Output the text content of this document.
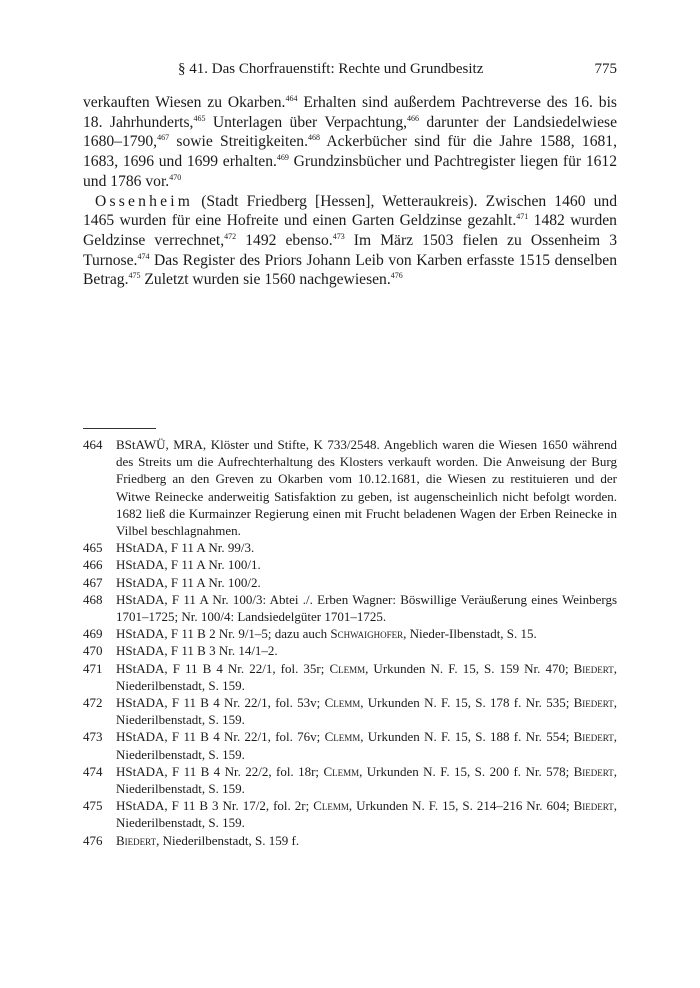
§ 41. Das Chorfrauenstift: Rechte und Grundbesitz	775

verkauften Wiesen zu Okarben.$^{464}$ Erhalten sind außerdem Pachtreverse des 16. bis 18. Jahrhunderts,$^{465}$ Unterlagen über Verpachtung,$^{466}$ darunter der Landsiedelwiese 1680–1790,$^{467}$ sowie Streitigkeiten.$^{468}$ Ackerbücher sind für die Jahre 1588, 1681, 1683, 1696 und 1699 erhalten.$^{469}$ Grundzinsbücher und Pachtregister liegen für 1612 und 1786 vor.$^{470}$

Ossenheim (Stadt Friedberg [Hessen], Wetteraukreis). Zwischen 1460 und 1465 wurden für eine Hofreite und einen Garten Geldzinse gezahlt.$^{471}$ 1482 wurden Geldzinse verrechnet,$^{472}$ 1492 ebenso.$^{473}$ Im März 1503 fielen zu Ossenheim 3 Turnose.$^{474}$ Das Register des Priors Johann Leib von Karben erfasste 1515 denselben Betrag.$^{475}$ Zuletzt wurden sie 1560 nachgewiesen.$^{476}$

464 BStAWÜ, MRA, Klöster und Stifte, K 733/2548. Angeblich waren die Wiesen 1650 während des Streits um die Aufrechterhaltung des Klosters verkauft worden. Die Anweisung der Burg Friedberg an den Greven zu Okarben vom 10.12.1681, die Wiesen zu restituieren und der Witwe Reinecke anderweitig Satisfaktion zu geben, ist augenscheinlich nicht befolgt worden. 1682 ließ die Kurmainzer Regierung einen mit Frucht beladenen Wagen der Erben Reinecke in Vilbel beschlagnahmen.

465 HStADA, F 11 A Nr. 99/3.

466 HStADA, F 11 A Nr. 100/1.

467 HStADA, F 11 A Nr. 100/2.

468 HStADA, F 11 A Nr. 100/3: Abtei ./. Erben Wagner: Böswillige Veräußerung eines Weinbergs 1701–1725; Nr. 100/4: Landsiedelgüter 1701–1725.

469 HStADA, F 11 B 2 Nr. 9/1–5; dazu auch Schwaighofer, Nieder-Ilbenstadt, S. 15.

470 HStADA, F 11 B 3 Nr. 14/1–2.

471 HStADA, F 11 B 4 Nr. 22/1, fol. 35r; Clemm, Urkunden N. F. 15, S. 159 Nr. 470; Biedert, Niederilbenstadt, S. 159.

472 HStADA, F 11 B 4 Nr. 22/1, fol. 53v; Clemm, Urkunden N. F. 15, S. 178 f. Nr. 535; Biedert, Niederilbenstadt, S. 159.

473 HStADA, F 11 B 4 Nr. 22/1, fol. 76v; Clemm, Urkunden N. F. 15, S. 188 f. Nr. 554; Biedert, Niederilbenstadt, S. 159.

474 HStADA, F 11 B 4 Nr. 22/2, fol. 18r; Clemm, Urkunden N. F. 15, S. 200 f. Nr. 578; Biedert, Niederilbenstadt, S. 159.

475 HStADA, F 11 B 3 Nr. 17/2, fol. 2r; Clemm, Urkunden N. F. 15, S. 214–216 Nr. 604; Biedert, Niederilbenstadt, S. 159.

476 Biedert, Niederilbenstadt, S. 159 f.
